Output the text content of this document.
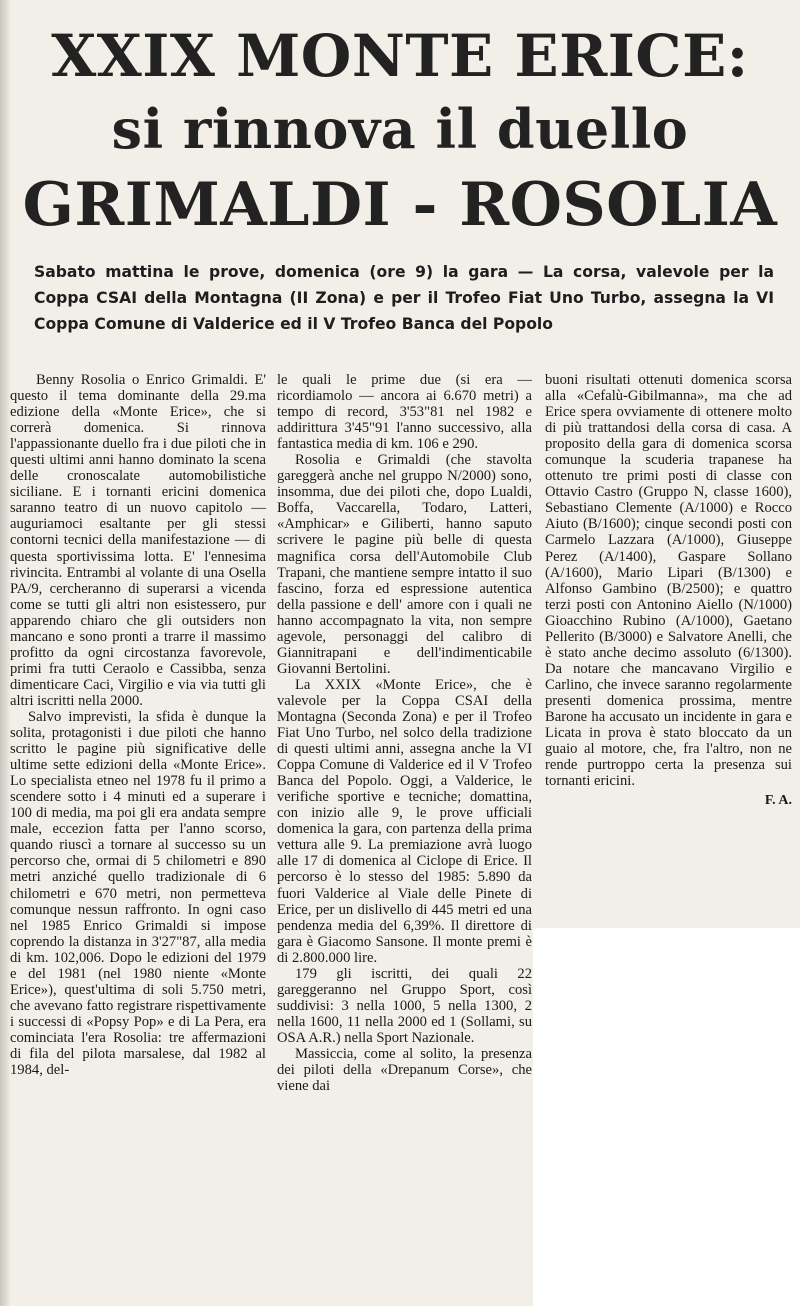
XXIX MONTE ERICE:
si rinnova il duello
GRIMALDI - ROSOLIA

Sabato mattina le prove, domenica (ore 9) la gara — La corsa, valevole per la Coppa CSAI della Montagna (II Zona) e per il Trofeo Fiat Uno Turbo, assegna la VI Coppa Comune di Valderice ed il V Trofeo Banca del Popolo

Benny Rosolia o Enrico Grimaldi. E' questo il tema dominante della 29.ma edizione della «Monte Erice», che si correrà domenica. Si rinnova l'appassionante duello fra i due piloti che in questi ultimi anni hanno dominato la scena delle cronoscalate automobilistiche siciliane. E i tornanti ericini domenica saranno teatro di un nuovo capitolo — auguriamoci esaltante per gli stessi contorni tecnici della manifestazione — di questa sportivissima lotta. E' l'ennesima rivincita. Entrambi al volante di una Osella PA/9, cercheranno di superarsi a vicenda come se tutti gli altri non esistessero, pur apparendo chiaro che gli outsiders non mancano e sono pronti a trarre il massimo profitto da ogni circostanza favorevole, primi fra tutti Ceraolo e Cassibba, senza dimenticare Caci, Virgilio e via via tutti gli altri iscritti nella 2000.

Salvo imprevisti, la sfida è dunque la solita, protagonisti i due piloti che hanno scritto le pagine più significative delle ultime sette edizioni della «Monte Erice». Lo specialista etneo nel 1978 fu il primo a scendere sotto i 4 minuti ed a superare i 100 di media, ma poi gli era andata sempre male, eccezion fatta per l'anno scorso, quando riuscì a tornare al successo su un percorso che, ormai di 5 chilometri e 890 metri anziché quello tradizionale di 6 chilometri e 670 metri, non permetteva comunque nessun raffronto. In ogni caso nel 1985 Enrico Grimaldi si impose coprendo la distanza in 3'27"87, alla media di km. 102,006. Dopo le edizioni del 1979 e del 1981 (nel 1980 niente «Monte Erice»), quest'ultima di soli 5.750 metri, che avevano fatto registrare rispettivamente i successi di «Popsy Pop» e di La Pera, era cominciata l'era Rosolia: tre affermazioni di fila del pilota marsalese, dal 1982 al 1984, del-

le quali le prime due (si era — ricordiamolo — ancora ai 6.670 metri) a tempo di record, 3'53"81 nel 1982 e addirittura 3'45"91 l'anno successivo, alla fantastica media di km. 106 e 290.

Rosolia e Grimaldi (che stavolta gareggerà anche nel gruppo N/2000) sono, insomma, due dei piloti che, dopo Lualdi, Boffa, Vaccarella, Todaro, Latteri, «Amphicar» e Giliberti, hanno saputo scrivere le pagine più belle di questa magnifica corsa dell'Automobile Club Trapani, che mantiene sempre intatto il suo fascino, forza ed espressione autentica della passione e dell' amore con i quali ne hanno accompagnato la vita, non sempre agevole, personaggi del calibro di Giannitrapani e dell'indimenticabile Giovanni Bertolini.

La XXIX «Monte Erice», che è valevole per la Coppa CSAI della Montagna (Seconda Zona) e per il Trofeo Fiat Uno Turbo, nel solco della tradizione di questi ultimi anni, assegna anche la VI Coppa Comune di Valderice ed il V Trofeo Banca del Popolo. Oggi, a Valderice, le verifiche sportive e tecniche; domattina, con inizio alle 9, le prove ufficiali domenica la gara, con partenza della prima vettura alle 9. La premiazione avrà luogo alle 17 di domenica al Ciclope di Erice. Il percorso è lo stesso del 1985: 5.890 da fuori Valderice al Viale delle Pinete di Erice, per un dislivello di 445 metri ed una pendenza media del 6,39%. Il direttore di gara è Giacomo Sansone. Il monte premi è di 2.800.000 lire.

179 gli iscritti, dei quali 22 gareggeranno nel Gruppo Sport, così suddivisi: 3 nella 1000, 5 nella 1300, 2 nella 1600, 11 nella 2000 ed 1 (Sollami, su OSA A.R.) nella Sport Nazionale.

Massiccia, come al solito, la presenza dei piloti della «Drepanum Corse», che viene dai

buoni risultati ottenuti domenica scorsa alla «Cefalù-Gibilmanna», ma che ad Erice spera ovviamente di ottenere molto di più trattandosi della corsa di casa. A proposito della gara di domenica scorsa comunque la scuderia trapanese ha ottenuto tre primi posti di classe con Ottavio Castro (Gruppo N, classe 1600), Sebastiano Clemente (A/1000) e Rocco Aiuto (B/1600); cinque secondi posti con Carmelo Lazzara (A/1000), Giuseppe Perez (A/1400), Gaspare Sollano (A/1600), Mario Lipari (B/1300) e Alfonso Gambino (B/2500); e quattro terzi posti con Antonino Aiello (N/1000) Gioacchino Rubino (A/1000), Gaetano Pellerito (B/3000) e Salvatore Anelli, che è stato anche decimo assoluto (6/1300). Da notare che mancavano Virgilio e Carlino, che invece saranno regolarmente presenti domenica prossima, mentre Barone ha accusato un incidente in gara e Licata in prova è stato bloccato da un guaio al motore, che, fra l'altro, non ne rende purtroppo certa la presenza sui tornanti ericini.

F. A.
